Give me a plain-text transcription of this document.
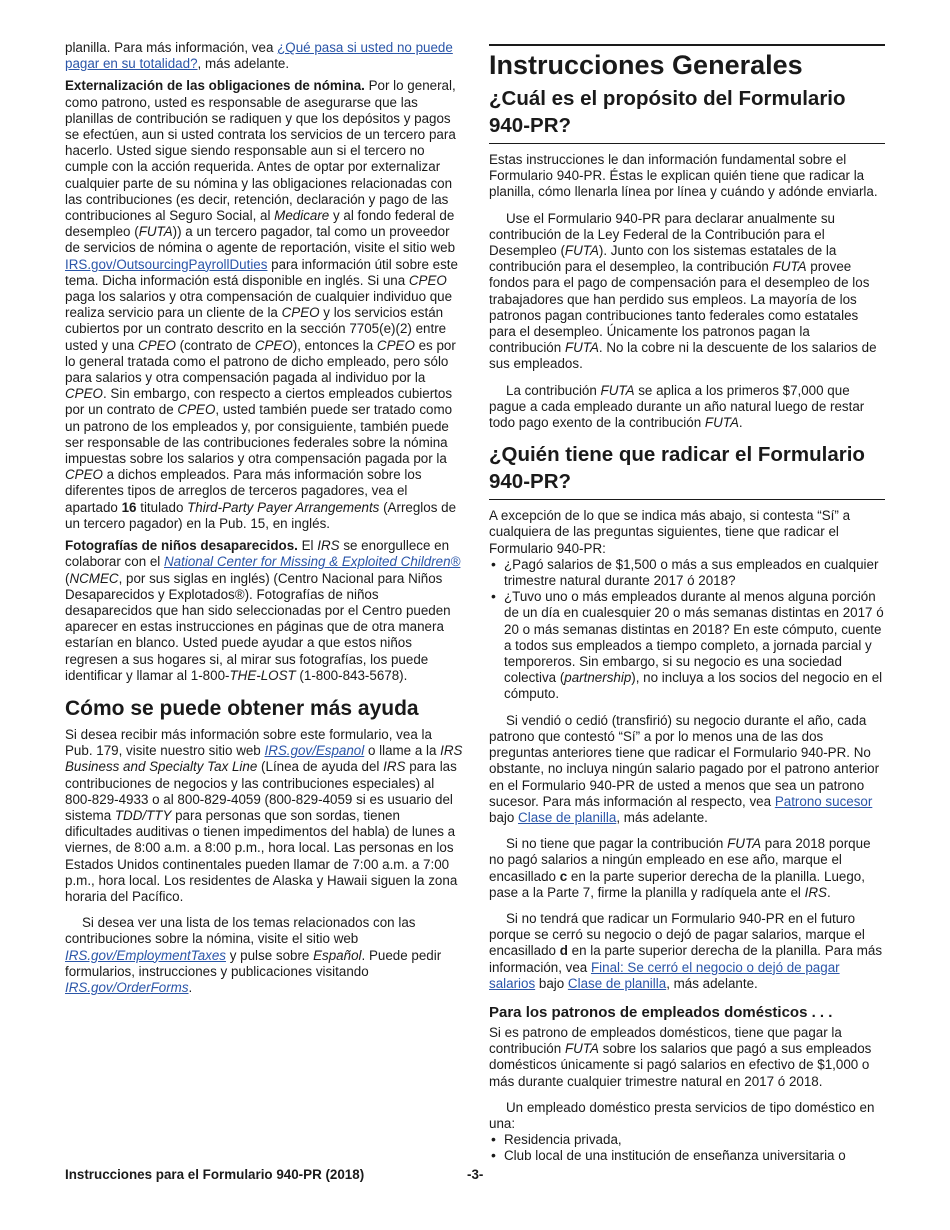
planilla. Para más información, vea ¿Qué pasa si usted no puede pagar en su totalidad?, más adelante.

Externalización de las obligaciones de nómina. Por lo general, como patrono, usted es responsable de asegurarse que las planillas de contribución se radiquen y que los depósitos y pagos se efectúen, aun si usted contrata los servicios de un tercero para hacerlo. Usted sigue siendo responsable aun si el tercero no cumple con la acción requerida. Antes de optar por externalizar cualquier parte de su nómina y las obligaciones relacionadas con las contribuciones (es decir, retención, declaración y pago de las contribuciones al Seguro Social, al Medicare y al fondo federal de desempleo (FUTA)) a un tercero pagador, tal como un proveedor de servicios de nómina o agente de reportación, visite el sitio web IRS.gov/OutsourcingPayrollDuties para información útil sobre este tema. Dicha información está disponible en inglés. Si una CPEO paga los salarios y otra compensación de cualquier individuo que realiza servicio para un cliente de la CPEO y los servicios están cubiertos por un contrato descrito en la sección 7705(e)(2) entre usted y una CPEO (contrato de CPEO), entonces la CPEO es por lo general tratada como el patrono de dicho empleado, pero sólo para salarios y otra compensación pagada al individuo por la CPEO. Sin embargo, con respecto a ciertos empleados cubiertos por un contrato de CPEO, usted también puede ser tratado como un patrono de los empleados y, por consiguiente, también puede ser responsable de las contribuciones federales sobre la nómina impuestas sobre los salarios y otra compensación pagada por la CPEO a dichos empleados. Para más información sobre los diferentes tipos de arreglos de terceros pagadores, vea el apartado 16 titulado Third-Party Payer Arrangements (Arreglos de un tercero pagador) en la Pub. 15, en inglés.

Fotografías de niños desaparecidos. El IRS se enorgullece en colaborar con el National Center for Missing & Exploited Children® (NCMEC, por sus siglas en inglés) (Centro Nacional para Niños Desaparecidos y Explotados®). Fotografías de niños desaparecidos que han sido seleccionadas por el Centro pueden aparecer en estas instrucciones en páginas que de otra manera estarían en blanco. Usted puede ayudar a que estos niños regresen a sus hogares si, al mirar sus fotografías, los puede identificar y llamar al 1-800-THE-LOST (1-800-843-5678).

Cómo se puede obtener más ayuda

Si desea recibir más información sobre este formulario, vea la Pub. 179, visite nuestro sitio web IRS.gov/Espanol o llame a la IRS Business and Specialty Tax Line (Línea de ayuda del IRS para las contribuciones de negocios y las contribuciones especiales) al 800-829-4933 o al 800-829-4059 (800-829-4059 si es usuario del sistema TDD/TTY para personas que son sordas, tienen dificultades auditivas o tienen impedimentos del habla) de lunes a viernes, de 8:00 a.m. a 8:00 p.m., hora local. Las personas en los Estados Unidos continentales pueden llamar de 7:00 a.m. a 7:00 p.m., hora local. Los residentes de Alaska y Hawaii siguen la zona horaria del Pacífico.

Si desea ver una lista de los temas relacionados con las contribuciones sobre la nómina, visite el sitio web IRS.gov/EmploymentTaxes y pulse sobre Español. Puede pedir formularios, instrucciones y publicaciones visitando IRS.gov/OrderForms.

Instrucciones Generales
¿Cuál es el propósito del Formulario 940-PR?

Estas instrucciones le dan información fundamental sobre el Formulario 940-PR. Éstas le explican quién tiene que radicar la planilla, cómo llenarla línea por línea y cuándo y adónde enviarla.

Use el Formulario 940-PR para declarar anualmente su contribución de la Ley Federal de la Contribución para el Desempleo (FUTA). Junto con los sistemas estatales de la contribución para el desempleo, la contribución FUTA provee fondos para el pago de compensación para el desempleo de los trabajadores que han perdido sus empleos. La mayoría de los patronos pagan contribuciones tanto federales como estatales para el desempleo. Únicamente los patronos pagan la contribución FUTA. No la cobre ni la descuente de los salarios de sus empleados.

La contribución FUTA se aplica a los primeros $7,000 que pague a cada empleado durante un año natural luego de restar todo pago exento de la contribución FUTA.

¿Quién tiene que radicar el Formulario 940-PR?

A excepción de lo que se indica más abajo, si contesta “Sí” a cualquiera de las preguntas siguientes, tiene que radicar el Formulario 940-PR:

• ¿Pagó salarios de $1,500 o más a sus empleados en cualquier trimestre natural durante 2017 ó 2018?
• ¿Tuvo uno o más empleados durante al menos alguna porción de un día en cualesquier 20 o más semanas distintas en 2017 ó 20 o más semanas distintas en 2018? En este cómputo, cuente a todos sus empleados a tiempo completo, a jornada parcial y temporeros. Sin embargo, si su negocio es una sociedad colectiva (partnership), no incluya a los socios del negocio en el cómputo.

Si vendió o cedió (transfirió) su negocio durante el año, cada patrono que contestó “Sí” a por lo menos una de las dos preguntas anteriores tiene que radicar el Formulario 940-PR. No obstante, no incluya ningún salario pagado por el patrono anterior en el Formulario 940-PR de usted a menos que sea un patrono sucesor. Para más información al respecto, vea Patrono sucesor bajo Clase de planilla, más adelante.

Si no tiene que pagar la contribución FUTA para 2018 porque no pagó salarios a ningún empleado en ese año, marque el encasillado c en la parte superior derecha de la planilla. Luego, pase a la Parte 7, firme la planilla y radíquela ante el IRS.

Si no tendrá que radicar un Formulario 940-PR en el futuro porque se cerró su negocio o dejó de pagar salarios, marque el encasillado d en la parte superior derecha de la planilla. Para más información, vea Final: Se cerró el negocio o dejó de pagar salarios bajo Clase de planilla, más adelante.

Para los patronos de empleados domésticos . . .

Si es patrono de empleados domésticos, tiene que pagar la contribución FUTA sobre los salarios que pagó a sus empleados domésticos únicamente si pagó salarios en efectivo de $1,000 o más durante cualquier trimestre natural en 2017 ó 2018.

Un empleado doméstico presta servicios de tipo doméstico en una:

• Residencia privada,
• Club local de una institución de enseñanza universitaria o
Instrucciones para el Formulario 940-PR (2018)	-3-
